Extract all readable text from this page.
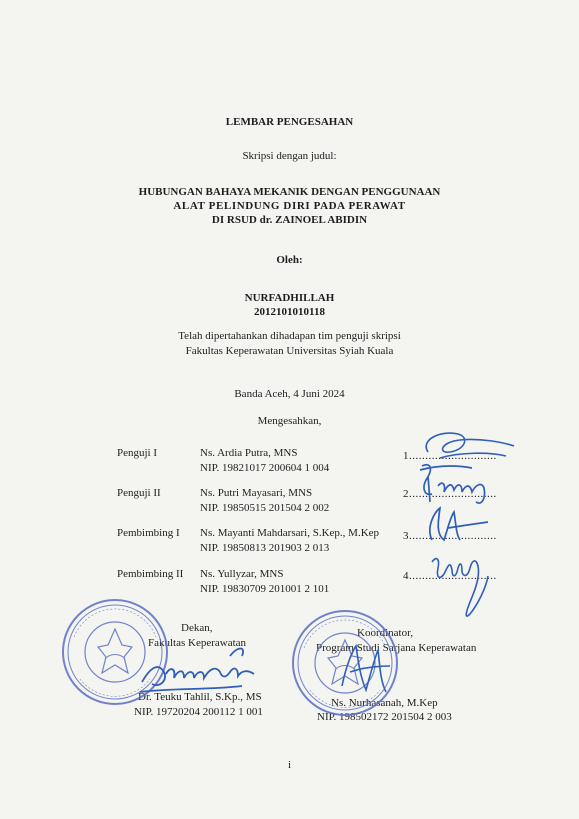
LEMBAR PENGESAHAN
Skripsi dengan judul:
HUBUNGAN BAHAYA MEKANIK DENGAN PENGGUNAAN
ALAT PELINDUNG DIRI PADA PERAWAT
DI RSUD dr. ZAINOEL ABIDIN
Oleh:
NURFADHILLAH
2012101010118
Telah dipertahankan dihadapan tim penguji skripsi
Fakultas Keperawatan Universitas Syiah Kuala
Banda Aceh, 4 Juni 2024
Mengesahkan,
Penguji I	Ns. Ardia Putra, MNS
NIP. 19821017 200604 1 004
1...........................
Penguji II	Ns. Putri Mayasari, MNS
NIP. 19850515 201504 2 002
2...........................
Pembimbing I Ns. Mayanti Mahdarsari, S.Kep., M.Kep
NIP. 19850813 201903 2 013
3...........................
Pembimbing II Ns. Yullyzar, MNS
NIP. 19830709 201001 2 101
4...........................
Dekan,
Fakultas Keperawatan
Dr. Teuku Tahlil, S.Kp., MS
NIP. 19720204 200112 1 001
Koordinator,
Program Studi Sarjana Keperawatan
Ns. Nurhasanah, M.Kep
NIP. 198502172 201504 2 003
i
